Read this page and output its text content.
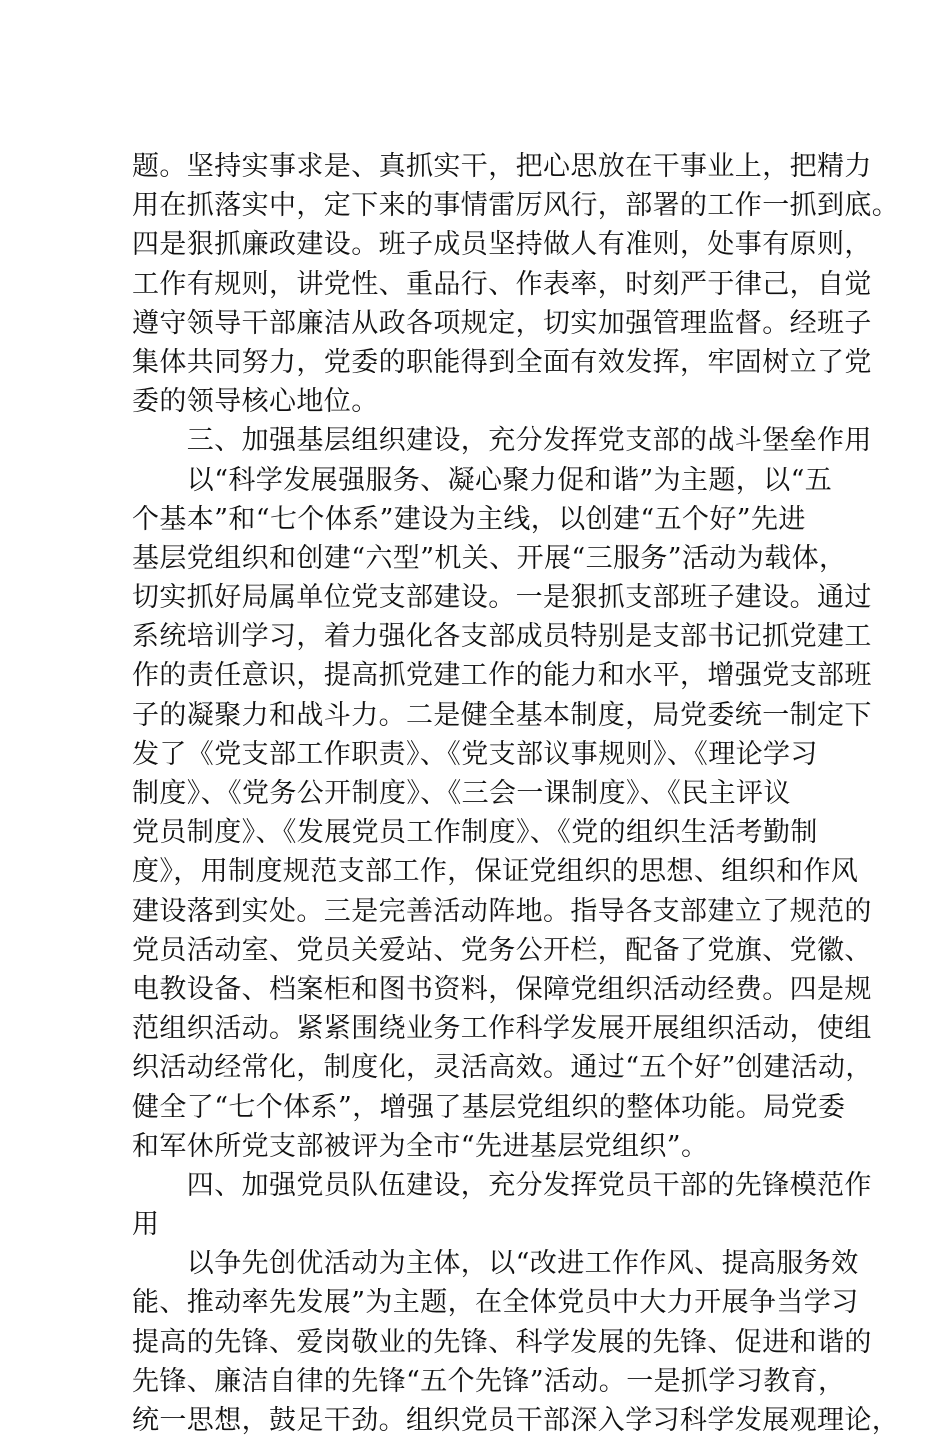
题。坚持实事求是、真抓实干，把心思放在干事业上，把精力
用在抓落实中，定下来的事情雷厉风行，部署的工作一抓到底。
四是狠抓廉政建设。班子成员坚持做人有准则，处事有原则，
工作有规则，讲党性、重品行、作表率，时刻严于律己，自觉
遵守领导干部廉洁从政各项规定，切实加强管理监督。经班子
集体共同努力，党委的职能得到全面有效发挥，牢固树立了党
委的领导核心地位。
　　三、加强基层组织建设，充分发挥党支部的战斗堡垒作用
　　以“科学发展强服务、凝心聚力促和谐”为主题，以“五
个基本”和“七个体系”建设为主线，以创建“五个好”先进
基层党组织和创建“六型”机关、开展“三服务”活动为载体，
切实抓好局属单位党支部建设。一是狠抓支部班子建设。通过
系统培训学习，着力强化各支部成员特别是支部书记抓党建工
作的责任意识，提高抓党建工作的能力和水平，增强党支部班
子的凝聚力和战斗力。二是健全基本制度，局党委统一制定下
发了《党支部工作职责》、《党支部议事规则》、《理论学习
制度》、《党务公开制度》、《三会一课制度》、《民主评议
党员制度》、《发展党员工作制度》、《党的组织生活考勤制
度》，用制度规范支部工作，保证党组织的思想、组织和作风
建设落到实处。三是完善活动阵地。指导各支部建立了规范的
党员活动室、党员关爱站、党务公开栏，配备了党旗、党徽、
电教设备、档案柜和图书资料，保障党组织活动经费。四是规
范组织活动。紧紧围绕业务工作科学发展开展组织活动，使组
织活动经常化，制度化，灵活高效。通过“五个好”创建活动，
健全了“七个体系”，增强了基层党组织的整体功能。局党委
和军休所党支部被评为全市“先进基层党组织”。
　　四、加强党员队伍建设，充分发挥党员干部的先锋模范作
用
　　以争先创优活动为主体，以“改进工作作风、提高服务效
能、推动率先发展”为主题，在全体党员中大力开展争当学习
提高的先锋、爱岗敬业的先锋、科学发展的先锋、促进和谐的
先锋、廉洁自律的先锋“五个先锋”活动。一是抓学习教育，
统一思想，鼓足干劲。组织党员干部深入学习科学发展观理论，
